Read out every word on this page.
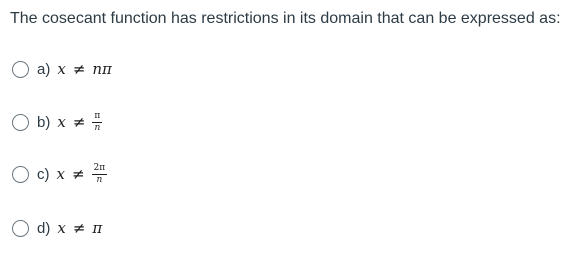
The cosecant function has restrictions in its domain that can be expressed as:
a) x ≠ nπ
b) $x \ne \frac{\pi}{n}$
c) $x \ne \frac{2\pi}{n}$
d) x ≠ π
